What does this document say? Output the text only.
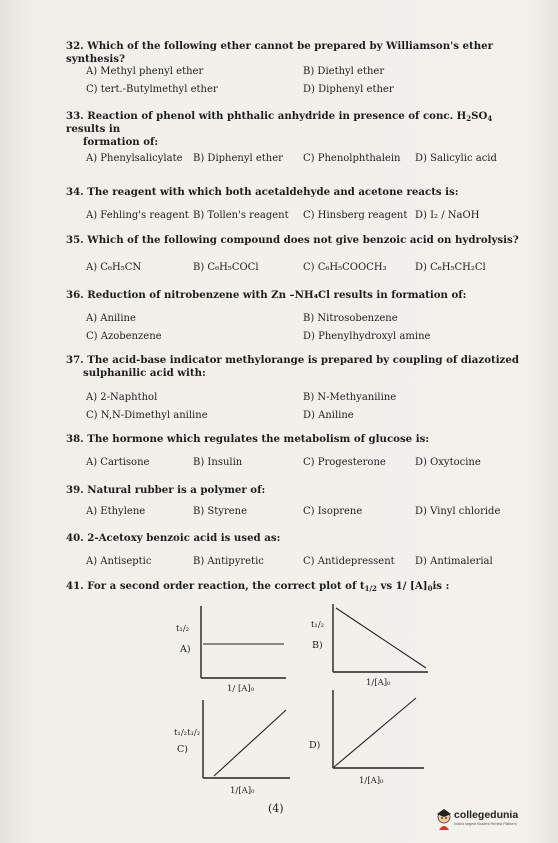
32. Which of the following ether cannot be prepared by Williamson's ether synthesis?
A) Methyl phenyl ether	B) Diethyl ether
C) tert.-Butylmethyl ether	D) Diphenyl ether
33. Reaction of phenol with phthalic anhydride in presence of conc. $H_2SO_4$ results in
formation of:
A) Phenylsalicylate B) Diphenyl ether C) Phenolphthalein D) Salicylic acid
34. The reagent with which both acetaldehyde and acetone reacts is:
A) Fehling's reagent B) Tollen's reagent C) Hinsberg reagent D) I₂ / NaOH
35. Which of the following compound does not give benzoic acid on hydrolysis?
A) C₆H₅CN	B) C₆H₅COCl	C) C₆H₅COOCH₃	D) C₆H₅CH₂Cl
36. Reduction of nitrobenzene with Zn –NH₄Cl results in formation of:
A) Aniline	B) Nitrosobenzene
C) Azobenzene	D) Phenylhydroxyl amine
37. The acid-base indicator methylorange is prepared by coupling of diazotized
sulphanilic acid with:
A) 2-Naphthol	B) N-Methyaniline
C) N,N-Dimethyl aniline	D) Aniline
38. The hormone which regulates the metabolism of glucose is:
A) Cartisone	B) Insulin	C) Progesterone	D) Oxytocine
39. Natural rubber is a polymer of:
A) Ethylene	B) Styrene	C) Isoprene	D) Vinyl chloride
40. 2-Acetoxy benzoic acid is used as:
A) Antiseptic	B) Antipyretic	C) Antidepressent D) Antimalerial
41. For a second order reaction, the correct plot of $t_{1/2}$ vs 1/ $[A]_0is$ :
t₁/₂
A)
1/ [A]₀
t₁/₂
B)
1/[A]₀
t₁/₂t₁/₂
C)
1/[A]₀
D)
1/[A]₀
(4)	collegedunia
India's largest Student Review Platform
